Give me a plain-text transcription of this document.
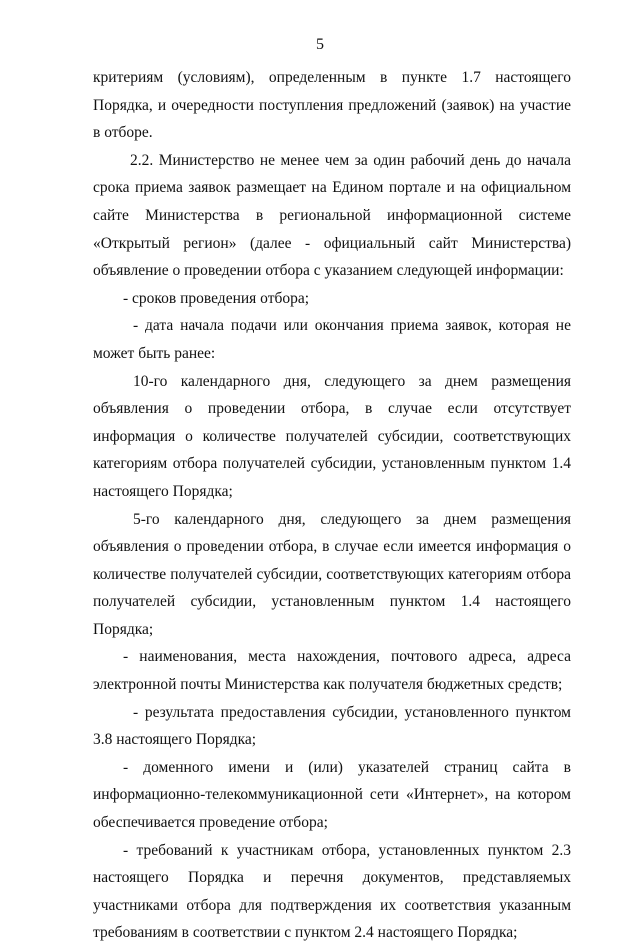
5

критериям (условиям), определенным в пункте 1.7 настоящего Порядка, и очередности поступления предложений (заявок) на участие в отборе.

2.2. Министерство не менее чем за один рабочий день до начала срока приема заявок размещает на Едином портале и на официальном сайте Министерства в региональной информационной системе «Открытый регион» (далее - официальный сайт Министерства) объявление о проведении отбора с указанием следующей информации:

- сроков проведения отбора;

- дата начала подачи или окончания приема заявок, которая не может быть ранее:

10-го календарного дня, следующего за днем размещения объявления о проведении отбора, в случае если отсутствует информация о количестве получателей субсидии, соответствующих категориям отбора получателей субсидии, установленным пунктом 1.4 настоящего Порядка;

5-го календарного дня, следующего за днем размещения объявления о проведении отбора, в случае если имеется информация о количестве получателей субсидии, соответствующих категориям отбора получателей субсидии, установленным пунктом 1.4 настоящего Порядка;

- наименования, места нахождения, почтового адреса, адреса электронной почты Министерства как получателя бюджетных средств;

- результата предоставления субсидии, установленного пунктом 3.8 настоящего Порядка;

- доменного имени и (или) указателей страниц сайта в информационно-телекоммуникационной сети «Интернет», на котором обеспечивается проведение отбора;

- требований к участникам отбора, установленных пунктом 2.3 настоящего Порядка и перечня документов, представляемых участниками отбора для подтверждения их соответствия указанным требованиям в соответствии с пунктом 2.4 настоящего Порядка;
